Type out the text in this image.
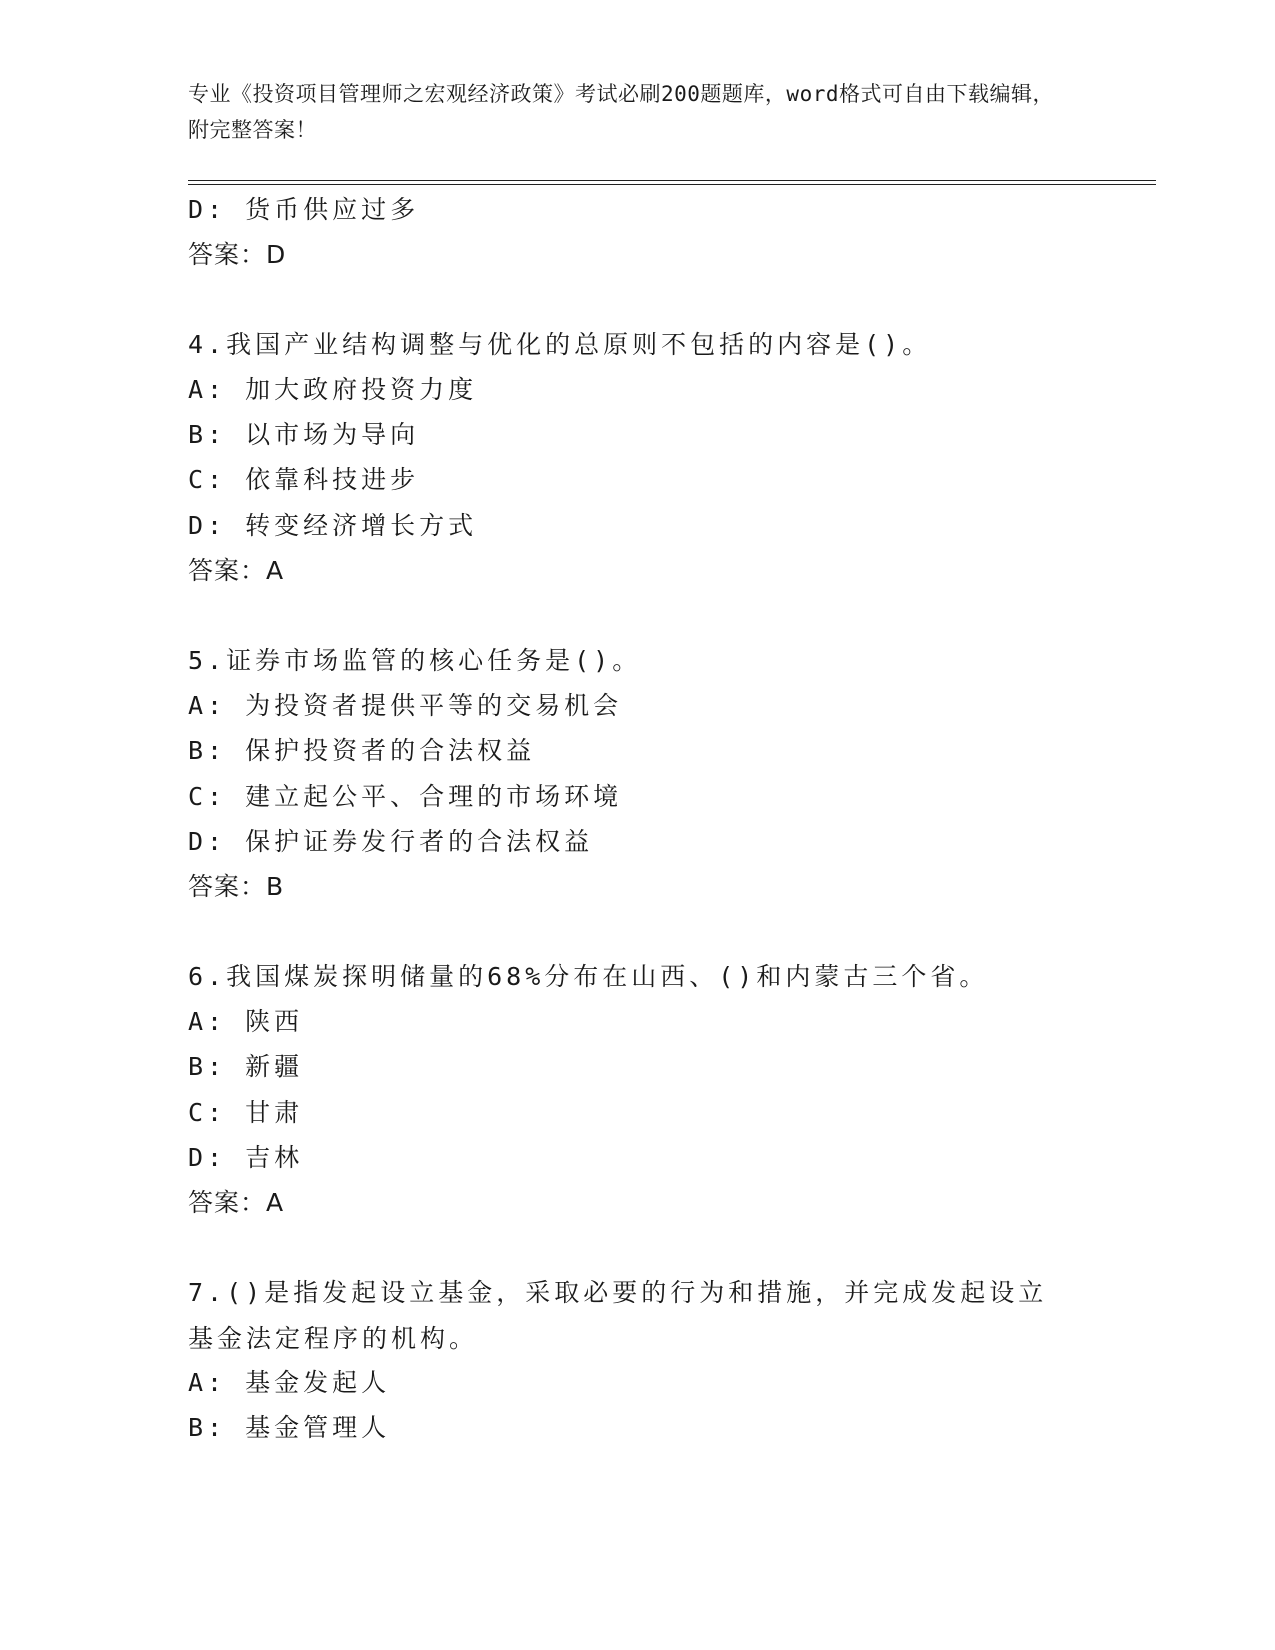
专业《投资项目管理师之宏观经济政策》考试必刷200题题库，word格式可自由下载编辑，附完整答案！
D: 货币供应过多
答案：D
4.我国产业结构调整与优化的总原则不包括的内容是()。
A: 加大政府投资力度
B: 以市场为导向
C: 依靠科技进步
D: 转变经济增长方式
答案：A
5.证券市场监管的核心任务是()。
A: 为投资者提供平等的交易机会
B: 保护投资者的合法权益
C: 建立起公平、合理的市场环境
D: 保护证券发行者的合法权益
答案：B
6.我国煤炭探明储量的68%分布在山西、()和内蒙古三个省。
A: 陕西
B: 新疆
C: 甘肃
D: 吉林
答案：A
7.()是指发起设立基金，采取必要的行为和措施，并完成发起设立基金法定程序的机构。
A: 基金发起人
B: 基金管理人
